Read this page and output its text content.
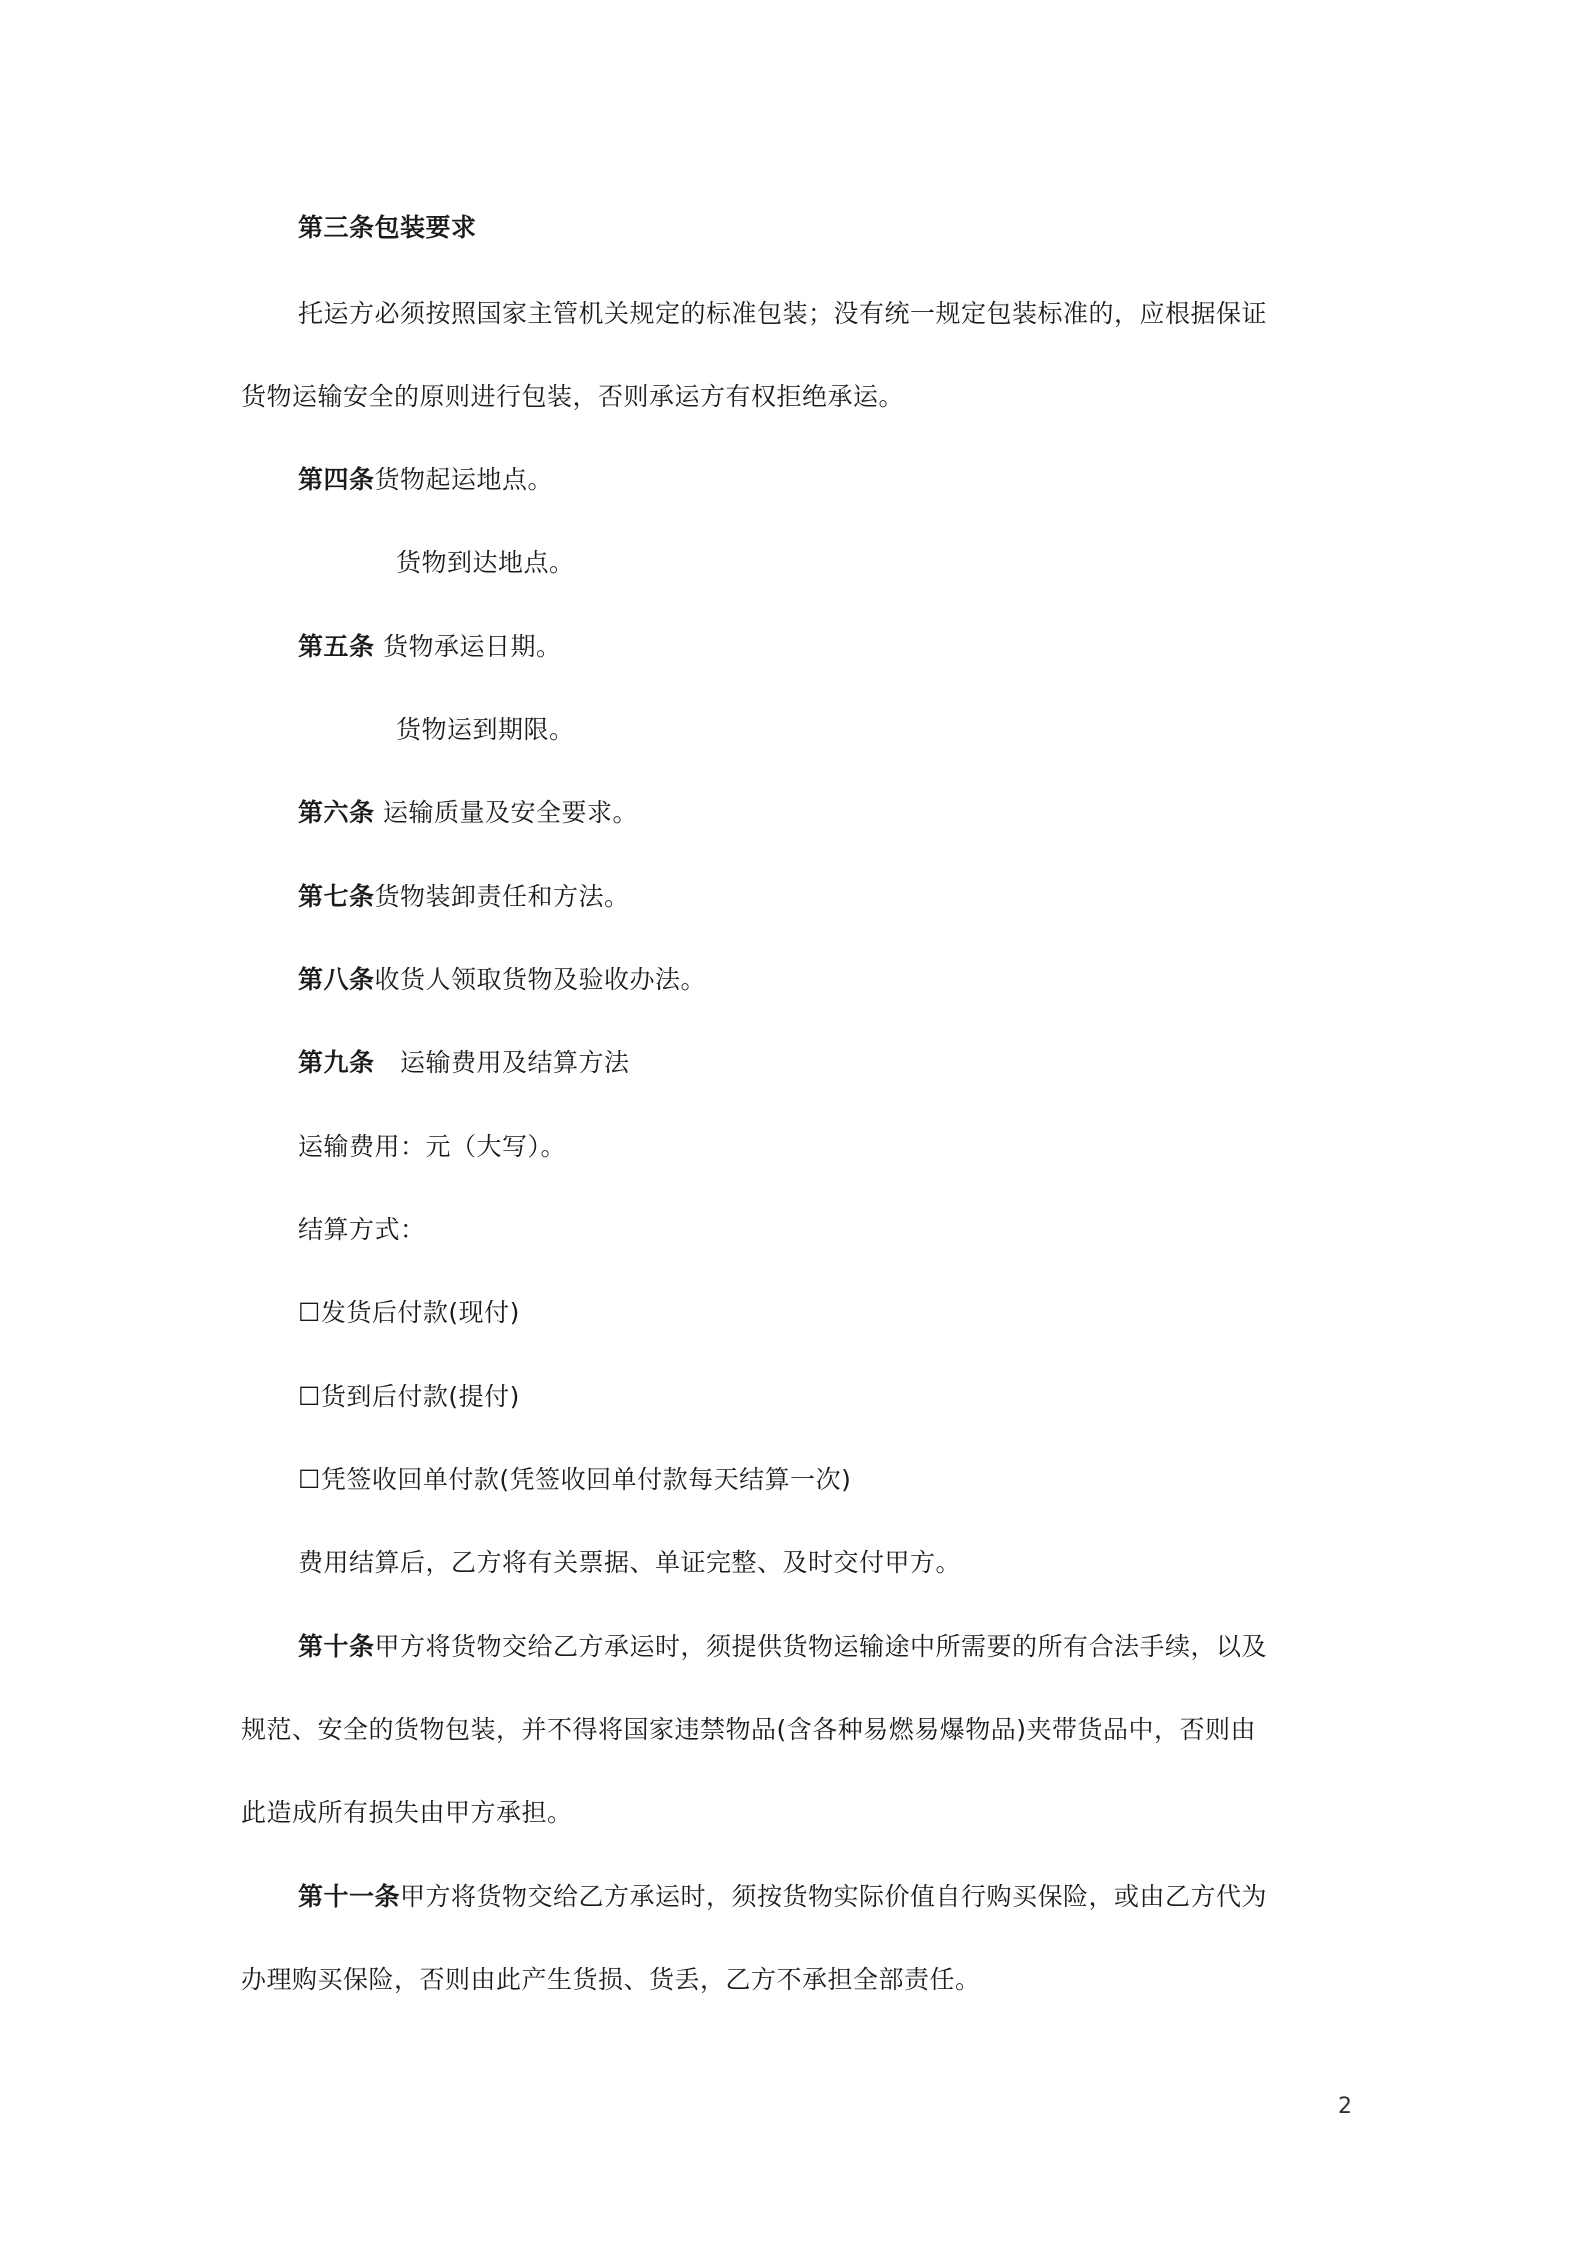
第三条包装要求
托运方必须按照国家主管机关规定的标准包装；没有统一规定包装标准的，应根据保证
货物运输安全的原则进行包装，否则承运方有权拒绝承运。
第四条货物起运地点。
货物到达地点。
第五条 货物承运日期。
货物运到期限。
第六条 运输质量及安全要求。
第七条货物装卸责任和方法。
第八条收货人领取货物及验收办法。
第九条　运输费用及结算方法
运输费用：元（大写）。
结算方式：
☐发货后付款(现付)
☐货到后付款(提付)
☐凭签收回单付款(凭签收回单付款每天结算一次)
费用结算后，乙方将有关票据、单证完整、及时交付甲方。
第十条甲方将货物交给乙方承运时，须提供货物运输途中所需要的所有合法手续，以及
规范、安全的货物包装，并不得将国家违禁物品(含各种易燃易爆物品)夹带货品中，否则由
此造成所有损失由甲方承担。
第十一条甲方将货物交给乙方承运时，须按货物实际价值自行购买保险，或由乙方代为
办理购买保险，否则由此产生货损、货丢，乙方不承担全部责任。
2
